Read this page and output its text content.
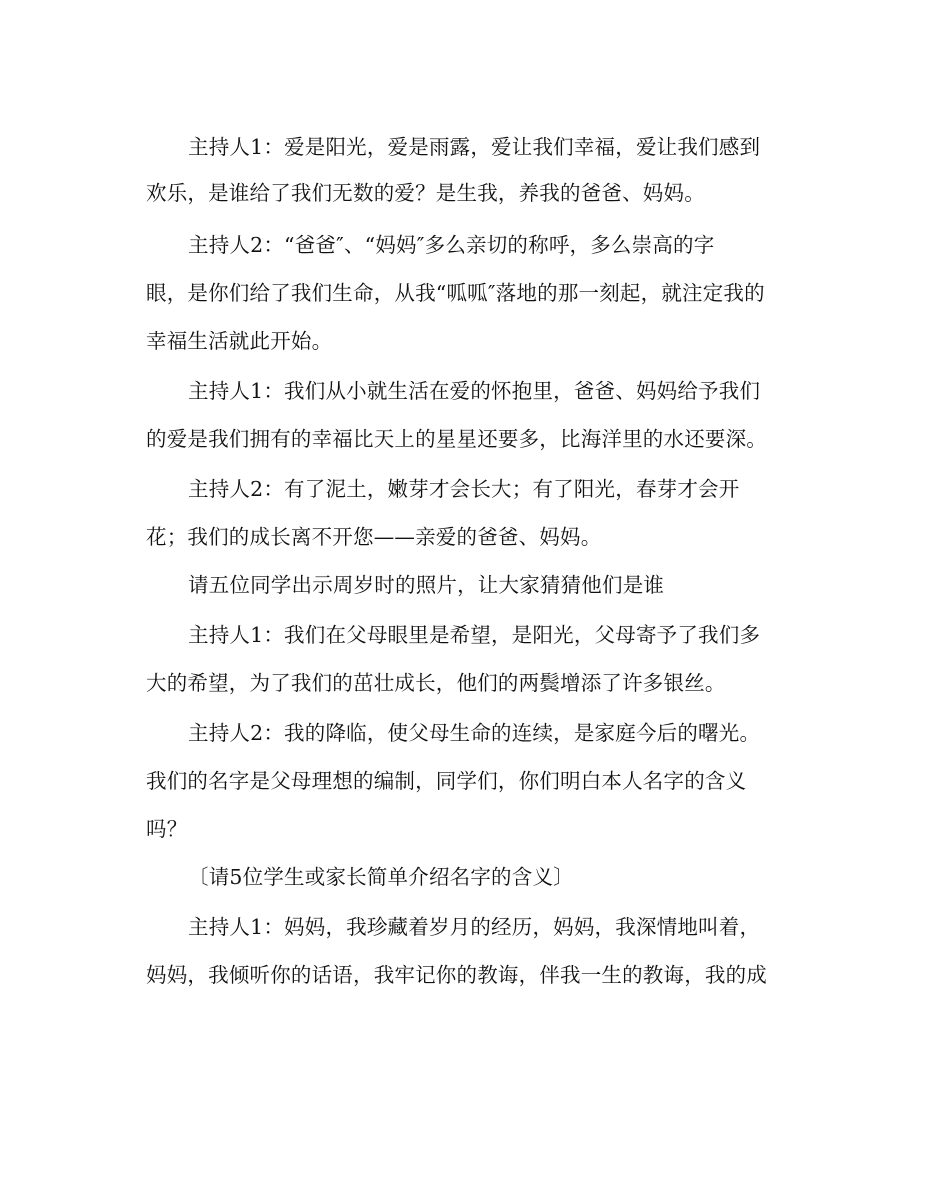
主持人1：爱是阳光，爱是雨露，爱让我们幸福，爱让我们感到
欢乐，是谁给了我们无数的爱？是生我，养我的爸爸、妈妈。
主持人2：“爸爸″、“妈妈″多么亲切的称呼，多么崇高的字
眼，是你们给了我们生命，从我“呱呱″落地的那一刻起，就注定我的
幸福生活就此开始。
主持人1：我们从小就生活在爱的怀抱里，爸爸、妈妈给予我们
的爱是我们拥有的幸福比天上的星星还要多，比海洋里的水还要深。
主持人2：有了泥土，嫩芽才会长大；有了阳光，春芽才会开
花；我们的成长离不开您——亲爱的爸爸、妈妈。
请五位同学出示周岁时的照片，让大家猜猜他们是谁
主持人1：我们在父母眼里是希望，是阳光，父母寄予了我们多
大的希望，为了我们的茁壮成长，他们的两鬓增添了许多银丝。
主持人2：我的降临，使父母生命的连续，是家庭今后的曙光。
我们的名字是父母理想的编制，同学们，你们明白本人名字的含义
吗？
〔请5位学生或家长简单介绍名字的含义〕
主持人1：妈妈，我珍藏着岁月的经历，妈妈，我深情地叫着，
妈妈，我倾听你的话语，我牢记你的教诲，伴我一生的教诲，我的成
